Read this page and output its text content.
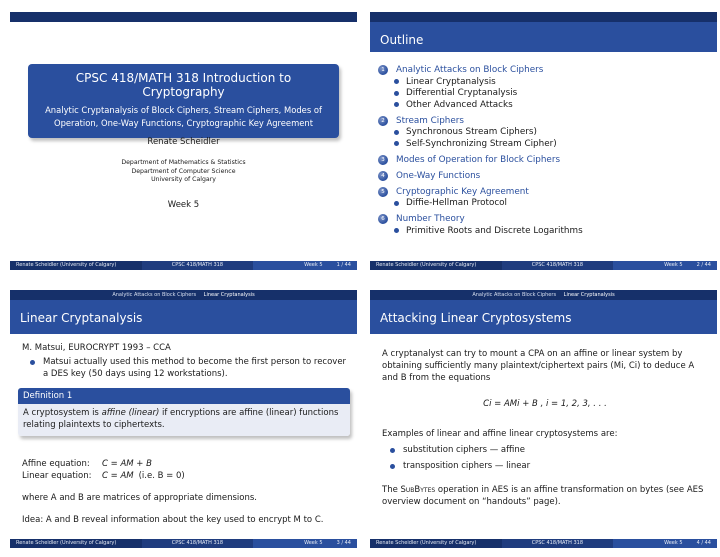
CPSC 418/MATH 318 Introduction to Cryptography
Analytic Cryptanalysis of Block Ciphers, Stream Ciphers, Modes of Operation, One-Way Functions, Cryptographic Key Agreement
Renate Scheidler
Department of Mathematics & Statistics
Department of Computer Science
University of Calgary
Week 5
Renate Scheidler (University of Calgary)	CPSC 418/MATH 318	Week 5	1 / 44
Outline
1	Analytic Attacks on Block Ciphers
Linear Cryptanalysis
Differential Cryptanalysis
Other Advanced Attacks
2	Stream Ciphers
Synchronous Stream Ciphers)
Self-Synchronizing Stream Cipher)
3	Modes of Operation for Block Ciphers
4	One-Way Functions
5	Cryptographic Key Agreement
Diffie-Hellman Protocol
6	Number Theory
Primitive Roots and Discrete Logarithms
Renate Scheidler (University of Calgary)	CPSC 418/MATH 318	Week 5	2 / 44
Analytic Attacks on Block Ciphers Linear Cryptanalysis
Linear Cryptanalysis
M. Matsui, EUROCRYPT 1993 – CCA
Matsui actually used this method to become the first person to recover a DES key (50 days using 12 workstations).
Definition 1
A cryptosystem is affine (linear) if encryptions are affine (linear) functions relating plaintexts to ciphertexts.
Affine equation:	C = AM + B
Linear equation:	C = AM (i.e. B = 0)
where A and B are matrices of appropriate dimensions.
Idea: A and B reveal information about the key used to encrypt M to C.
Renate Scheidler (University of Calgary)	CPSC 418/MATH 318	Week 5	3 / 44
Analytic Attacks on Block Ciphers Linear Cryptanalysis
Attacking Linear Cryptosystems
A cryptanalyst can try to mount a CPA on an affine or linear system by obtaining sufficiently many plaintext/ciphertext pairs (Mi, Ci) to deduce A and B from the equations
Ci = AMi + B , i = 1, 2, 3, . . .
Examples of linear and affine linear cryptosystems are:
substitution ciphers — affine
transposition ciphers — linear
The SubBytes operation in AES is an affine transformation on bytes (see AES overview document on “handouts” page).
Renate Scheidler (University of Calgary)	CPSC 418/MATH 318	Week 5	4 / 44
